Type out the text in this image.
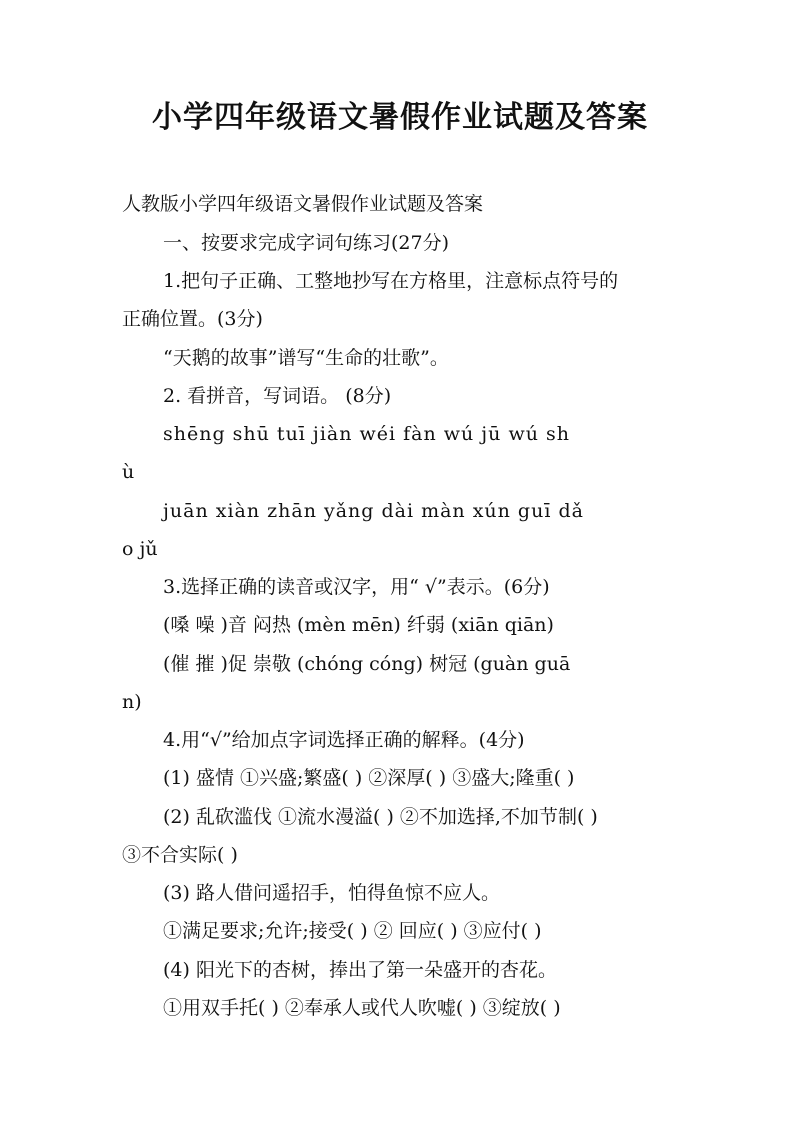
小学四年级语文暑假作业试题及答案
人教版小学四年级语文暑假作业试题及答案
一、按要求完成字词句练习(27分)
1.把句子正确、工整地抄写在方格里，注意标点符号的
正确位置。(3分)
“天鹅的故事”谱写“生命的壮歌”。
2. 看拼音，写词语。 (8分)
shēng shū tuī jiàn wéi fàn wú jū wú sh
ù
juān xiàn zhān yǎng dài màn xún guī dǎ
o jǔ
3.选择正确的读音或汉字，用“ √”表示。(6分)
(嗓 噪 )音 闷热 (mèn mēn) 纤弱 (xiān qiān)
(催 摧 )促 崇敬 (chóng cóng) 树冠 (guàn guā
n)
4.用“√”给加点字词选择正确的解释。(4分)
(1) 盛情 ①兴盛;繁盛( ) ②深厚( ) ③盛大;隆重( )
(2) 乱砍滥伐 ①流水漫溢( ) ②不加选择,不加节制( )
③不合实际( )
(3) 路人借问遥招手，怕得鱼惊不应人。
①满足要求;允许;接受( ) ② 回应( ) ③应付( )
(4) 阳光下的杏树，捧出了第一朵盛开的杏花。
①用双手托( ) ②奉承人或代人吹嘘( ) ③绽放( )
